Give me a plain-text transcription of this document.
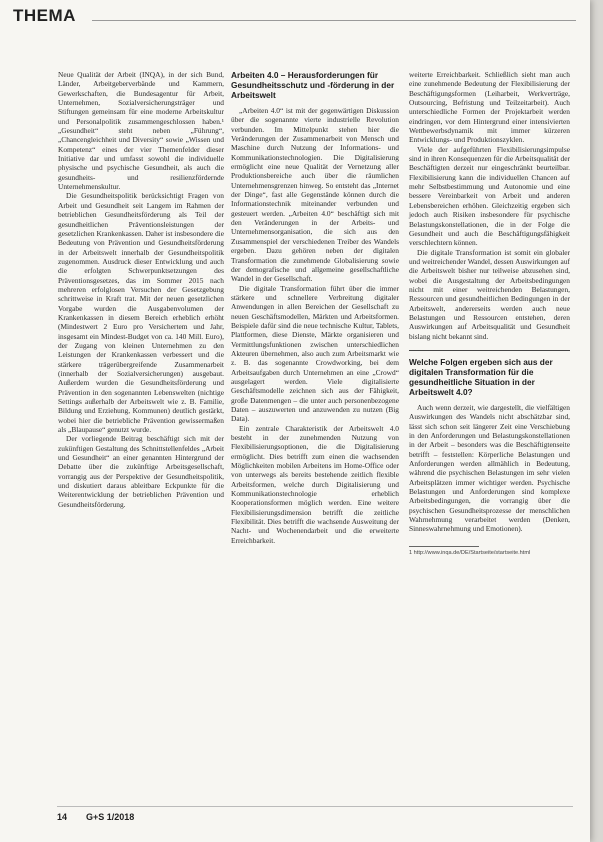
THEMA

Neue Qualität der Arbeit (INQA), in der sich Bund, Länder, Arbeitgeberverbände und Kammern, Gewerkschaften, die Bundesagentur für Arbeit, Unternehmen, Sozialversicherungsträger und Stiftungen gemeinsam für eine moderne Arbeitskultur und Personalpolitik zusammengeschlossen haben.¹ „Gesundheit“ steht neben „Führung“, „Chancengleichheit und Diversity“ sowie „Wissen und Kompetenz“ eines der vier Themenfelder dieser Initiative dar und umfasst sowohl die individuelle physische und psychische Gesundheit, als auch die gesundheits- und resilienzfördernde Unternehmenskultur.

Die Gesundheitspolitik berücksichtigt Fragen von Arbeit und Gesundheit seit Langem im Rahmen der betrieblichen Gesundheitsförderung als Teil der gesundheitlichen Präventionsleistungen der gesetzlichen Krankenkassen. Daher ist insbesondere die Bedeutung von Prävention und Gesundheitsförderung in der Arbeitswelt innerhalb der Gesundheitspolitik zugenommen. Ausdruck dieser Entwicklung und auch die erfolgten Schwerpunktsetzungen des Präventionsgesetzes, das im Sommer 2015 nach mehreren erfolglosen Versuchen der Gesetzgebung schrittweise in Kraft trat. Mit der neuen gesetzlichen Vorgabe wurden die Ausgabenvolumen der Krankenkassen in diesem Bereich erheblich erhöht (Mindestwert 2 Euro pro Versichertem und Jahr, insgesamt ein Mindest-Budget von ca. 140 Mill. Euro), der Zugang von kleinen Unternehmen zu den Leistungen der Krankenkassen verbessert und die stärkere trägerübergreifende Zusammenarbeit (innerhalb der Sozialversicherungen) ausgebaut. Außerdem wurden die Gesundheitsförderung und Prävention in den sogenannten Lebenswelten (nichtige Settings außerhalb der Arbeitswelt wie z. B. Familie, Bildung und Erziehung, Kommunen) deutlich gestärkt, wobei hier die betriebliche Prävention gewissermaßen als „Blaupause“ genutzt wurde.

Der vorliegende Beitrag beschäftigt sich mit der zukünftigen Gestaltung des Schnittstellenfeldes „Arbeit und Gesundheit“ an einer genannten Hintergrund der Debatte über die zukünftige Arbeitsgesellschaft, vorrangig aus der Perspektive der Gesundheitspolitik, und diskutiert daraus ableitbare Eckpunkte für die Weiterentwicklung der betrieblichen Prävention und Gesundheitsförderung.

Arbeiten 4.0 – Herausforderungen für Gesundheitsschutz und -förderung in der Arbeitswelt

„Arbeiten 4.0“ ist mit der gegenwärtigen Diskussion über die sogenannte vierte industrielle Revolution verbunden. Im Mittelpunkt stehen hier die Veränderungen der Zusammenarbeit von Mensch und Maschine durch Nutzung der Informations- und Kommunikationstechnologien. Die Digitalisierung ermöglicht eine neue Qualität der Vernetzung aller Produktionsbereiche auch über die räumlichen Unternehmensgrenzen hinweg. So entsteht das „Internet der Dinge“, fast alle Gegenstände können durch die Informationstechnik miteinander verbunden und gesteuert werden. „Arbeiten 4.0“ beschäftigt sich mit den Veränderungen in der Arbeits- und Unternehmensorganisation, die sich aus den Zusammenspiel der verschiedenen Treiber des Wandels ergeben. Dazu gehören neben der digitalen Transformation die zunehmende Globalisierung sowie der demografische und allgemeine gesellschaftliche Wandel in der Gesellschaft.

Die digitale Transformation führt über die immer stärkere und schnellere Verbreitung digitaler Anwendungen in allen Bereichen der Gesellschaft zu neuen Geschäftsmodellen, Märkten und Arbeitsformen. Beispiele dafür sind die neue technische Kultur, Tablets, Plattformen, diese Dienste, Märkte organisieren und Vermittlungsfunktionen zwischen unterschiedlichen Akteuren übernehmen, also auch zum Arbeitsmarkt wie z. B. das sogenannte Crowdworking, bei dem Arbeitsaufgaben durch Unternehmen an eine „Crowd“ ausgelagert werden. Viele digitalisierte Geschäftsmodelle zeichnen sich aus der Fähigkeit, große Datenmengen – die unter auch personenbezogene Daten – auszuwerten und anzuwenden zu nutzen (Big Data).

Ein zentrale Charakteristik der Arbeitswelt 4.0 besteht in der zunehmenden Nutzung von Flexibilisierungsoptionen, die die Digitalisierung ermöglicht. Dies betrifft zum einen die wachsenden Möglichkeiten mobilen Arbeitens im Home-Office oder von unterwegs als bereits bestehende zeitlich flexible Arbeitsformen, welche durch Digitalisierung und Kommunikationstechnologie erheblich Kooperationsformen möglich werden. Eine weitere Flexibilisierungsdimension betrifft die zeitliche Flexibilität. Dies betrifft die wachsende Ausweitung der Nacht- und Wochenendarbeit und die erweiterte Erreichbarkeit.

weiterte Erreichbarkeit. Schließlich sieht man auch eine zunehmende Bedeutung der Flexibilisierung der Beschäftigungsformen (Leiharbeit, Werkverträge, Outsourcing, Befristung und Teilzeitarbeit). Auch unterschiedliche Formen der Projektarbeit werden eindringen, vor dem Hintergrund einer intensivierten Wettbewerbsdynamik mit immer kürzeren Entwicklungs- und Produktionszyklen.

Viele der aufgeführten Flexibilisierungsimpulse sind in ihren Konsequenzen für die Arbeitsqualität der Beschäftigten derzeit nur eingeschränkt beurteilbar. Flexibilisierung kann die individuellen Chancen auf mehr Selbstbestimmung und Autonomie und eine bessere Vereinbarkeit von Arbeit und anderen Lebensbereichen erhöhen. Gleichzeitig ergeben sich jedoch auch Risiken insbesondere für psychische Belastungskonstellationen, die in der Folge die Gesundheit und auch die Beschäftigungsfähigkeit verschlechtern können.

Die digitale Transformation ist somit ein globaler und weitreichender Wandel, dessen Auswirkungen auf die Arbeitswelt bisher nur teilweise abzusehen sind, wobei die Ausgestaltung der Arbeitsbedingungen nicht mit einer weitreichenden Belastungen, Ressourcen und gesundheitlichen Bedingungen in der Arbeitswelt, andererseits werden auch neue Belastungen und Ressourcen entstehen, deren Auswirkungen auf Arbeitsqualität und Gesundheit bislang nicht bekannt sind.

Welche Folgen ergeben sich aus der digitalen Transformation für die gesundheitliche Situation in der Arbeitswelt 4.0?

Auch wenn derzeit, wie dargestellt, die vielfältigen Auswirkungen des Wandels nicht abschätzbar sind, lässt sich schon seit längerer Zeit eine Verschiebung in den Anforderungen und Belastungskonstellationen in der Arbeit – besonders was die Beschäftigtenseite betrifft – feststellen: Körperliche Belastungen und Anforderungen werden allmählich in Bedeutung, während die psychischen Belastungen im sehr vielen Arbeitsplätzen immer wichtiger werden. Psychische Belastungen und Anforderungen sind komplexe Arbeitsbedingungen, die vorrangig über die psychischen Gesundheitsprozesse der menschlichen Wahrnehmung verarbeitet werden (Denken, Sinneswahrnehmung und Emotionen).

1 http://www.inqa.de/DE/Startseite/startseite.html
14 G+S 1/2018
